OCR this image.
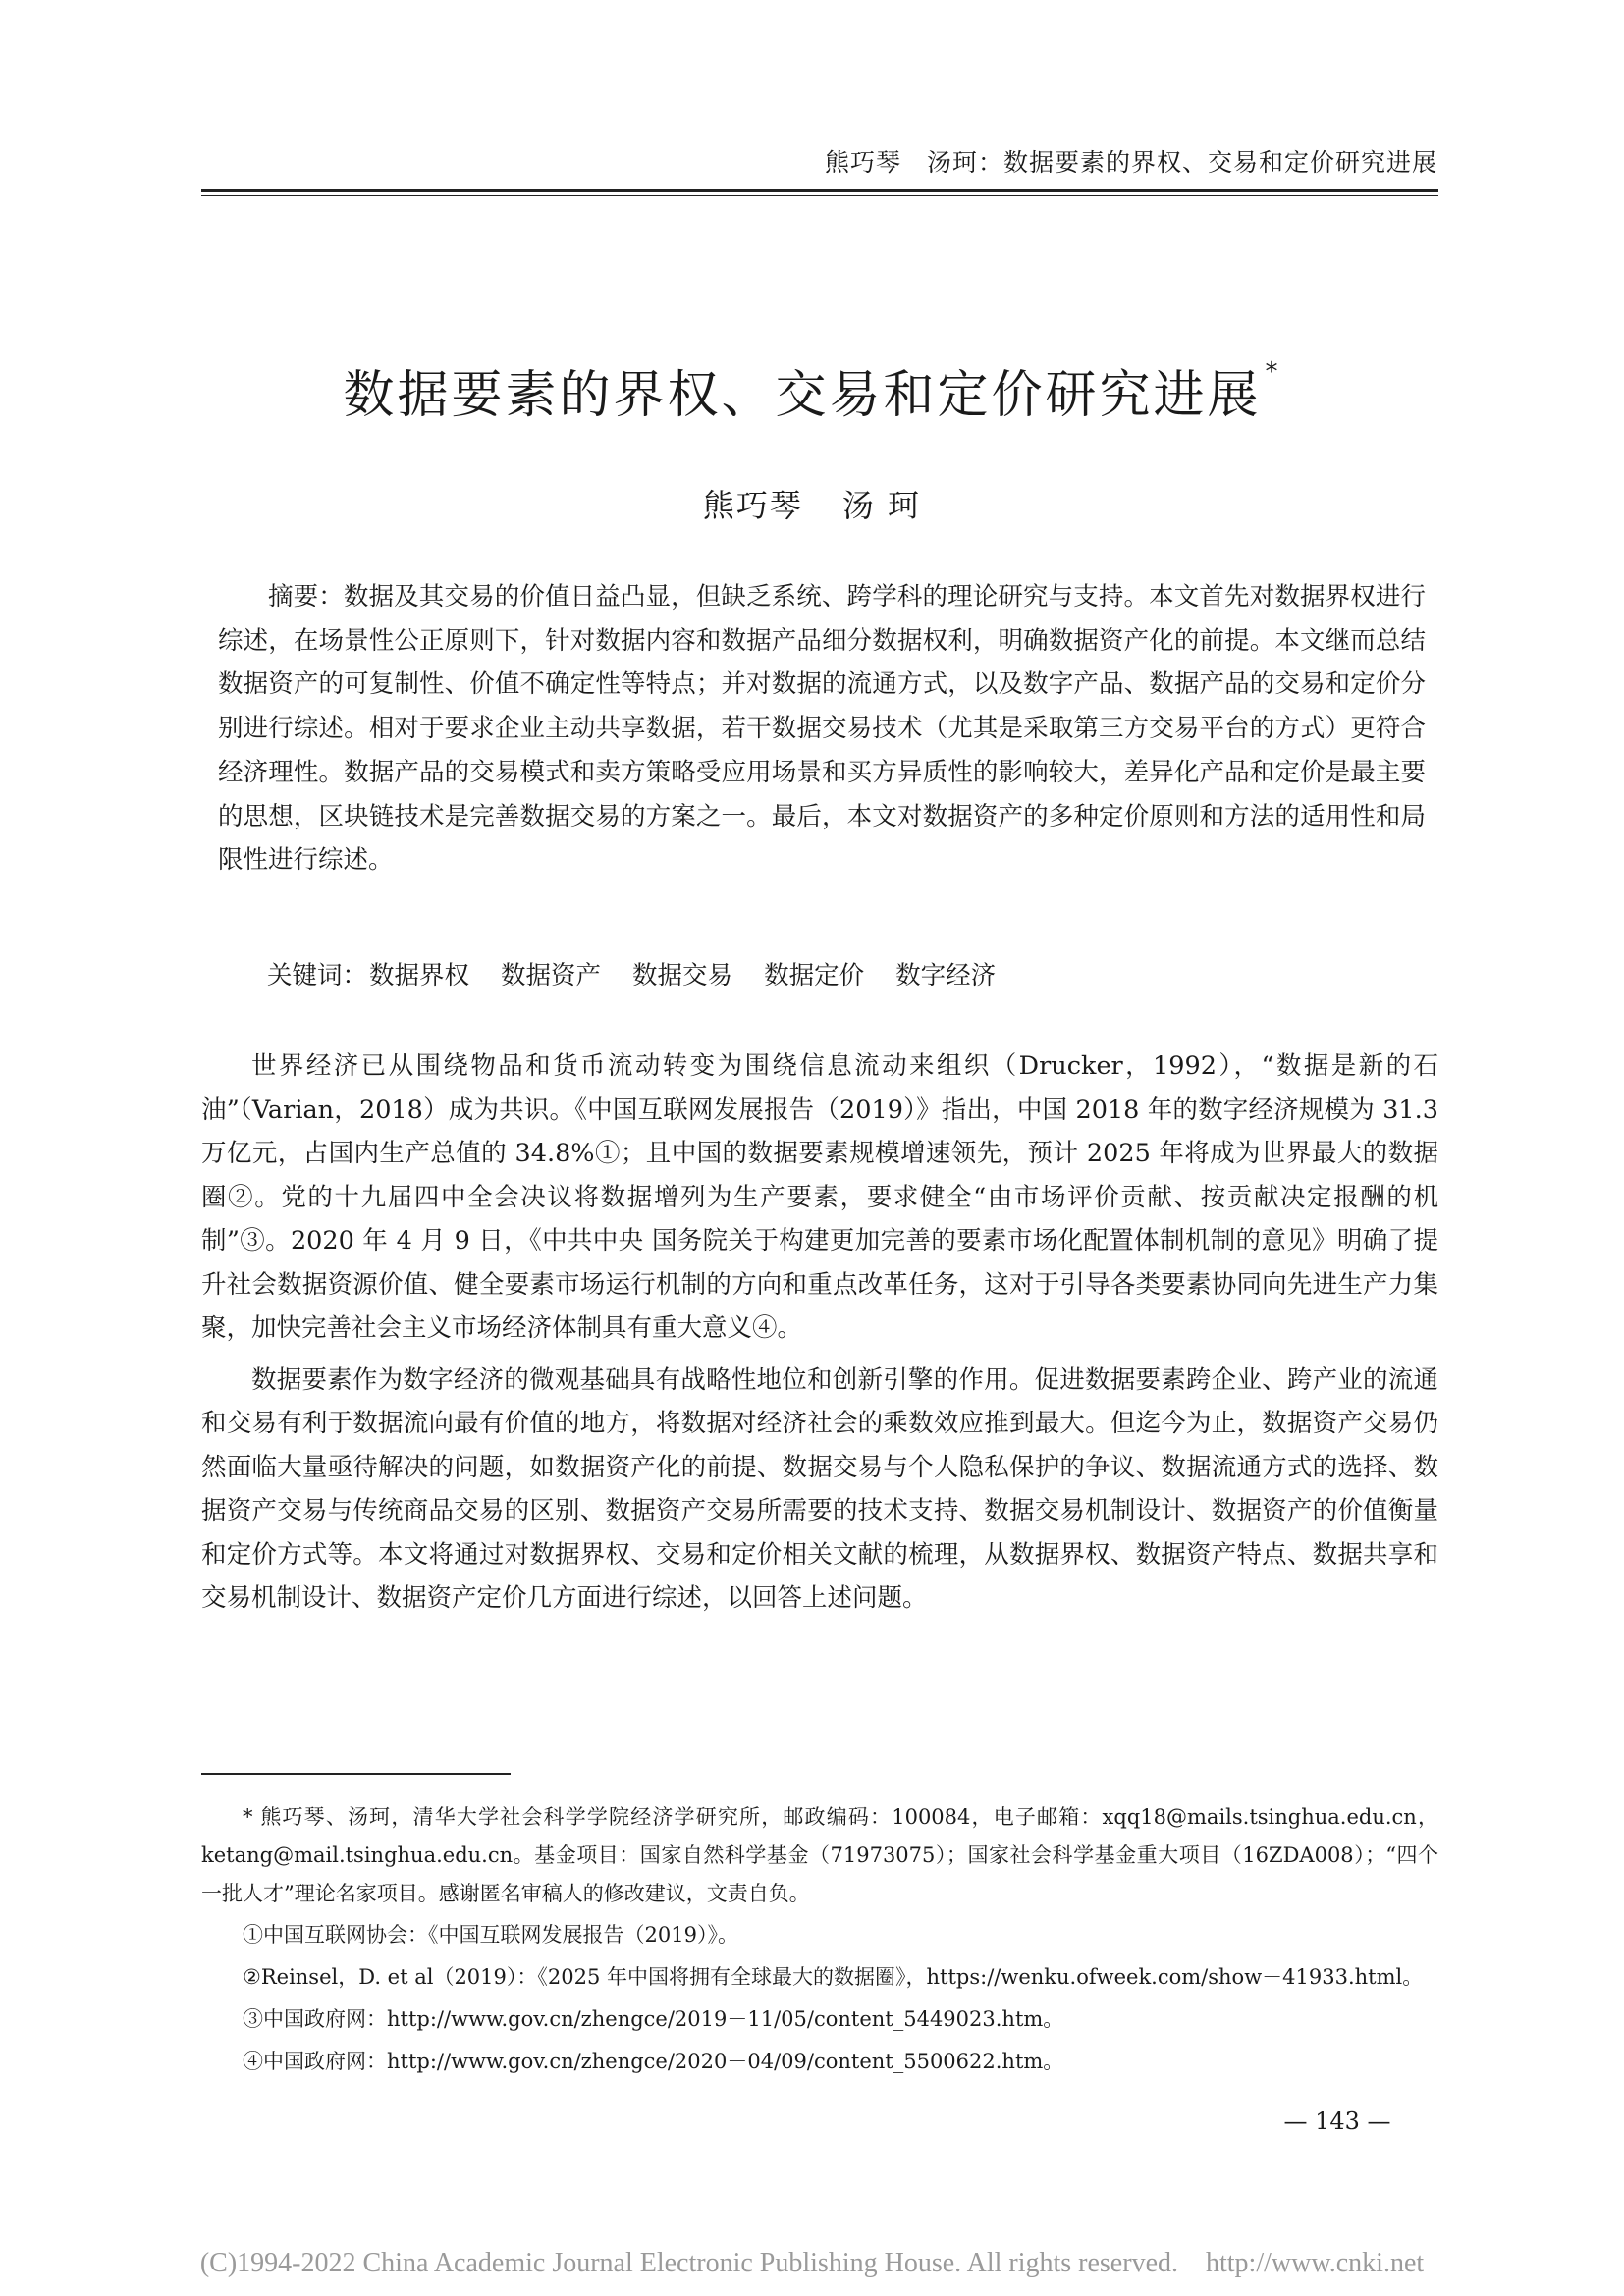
熊巧琴　汤珂：数据要素的界权、交易和定价研究进展
数据要素的界权、交易和定价研究进展 *
熊巧琴 汤 珂

摘要：数据及其交易的价值日益凸显，但缺乏系统、跨学科的理论研究与支持。本文首先对数据界权进行综述，在场景性公正原则下，针对数据内容和数据产品细分数据权利，明确数据资产化的前提。本文继而总结数据资产的可复制性、价值不确定性等特点；并对数据的流通方式，以及数字产品、数据产品的交易和定价分别进行综述。相对于要求企业主动共享数据，若干数据交易技术（尤其是采取第三方交易平台的方式）更符合经济理性。数据产品的交易模式和卖方策略受应用场景和买方异质性的影响较大，差异化产品和定价是最主要的思想，区块链技术是完善数据交易的方案之一。最后，本文对数据资产的多种定价原则和方法的适用性和局限性进行综述。

关键词：数据界权 数据资产 数据交易 数据定价 数字经济

世界经济已从围绕物品和货币流动转变为围绕信息流动来组织（Drucker，1992），“数据是新的石油”（Varian，2018）成为共识。《中国互联网发展报告（2019）》指出，中国 2018 年的数字经济规模为 31.3 万亿元，占国内生产总值的 34.8%①；且中国的数据要素规模增速领先，预计 2025 年将成为世界最大的数据圈②。党的十九届四中全会决议将数据增列为生产要素，要求健全“由市场评价贡献、按贡献决定报酬的机制”③。2020 年 4 月 9 日，《中共中央 国务院关于构建更加完善的要素市场化配置体制机制的意见》明确了提升社会数据资源价值、健全要素市场运行机制的方向和重点改革任务，这对于引导各类要素协同向先进生产力集聚，加快完善社会主义市场经济体制具有重大意义④。

数据要素作为数字经济的微观基础具有战略性地位和创新引擎的作用。促进数据要素跨企业、跨产业的流通和交易有利于数据流向最有价值的地方，将数据对经济社会的乘数效应推到最大。但迄今为止，数据资产交易仍然面临大量亟待解决的问题，如数据资产化的前提、数据交易与个人隐私保护的争议、数据流通方式的选择、数据资产交易与传统商品交易的区别、数据资产交易所需要的技术支持、数据交易机制设计、数据资产的价值衡量和定价方式等。本文将通过对数据界权、交易和定价相关文献的梳理，从数据界权、数据资产特点、数据共享和交易机制设计、数据资产定价几方面进行综述，以回答上述问题。

* 熊巧琴、汤珂，清华大学社会科学学院经济学研究所，邮政编码：100084，电子邮箱：xqq18@mails.tsinghua.edu.cn，ketang@mail.tsinghua.edu.cn。基金项目：国家自然科学基金（71973075）；国家社会科学基金重大项目（16ZDA008）；“四个一批人才”理论名家项目。感谢匿名审稿人的修改建议，文责自负。

①中国互联网协会：《中国互联网发展报告（2019）》。

②Reinsel，D. et al（2019）：《2025 年中国将拥有全球最大的数据圈》，https://wenku.ofweek.com/show－41933.html。

③中国政府网：http://www.gov.cn/zhengce/2019－11/05/content_5449023.htm。

④中国政府网：http://www.gov.cn/zhengce/2020－04/09/content_5500622.htm。

— 143 —
(C)1994-2022 China Academic Journal Electronic Publishing House. All rights reserved. http://www.cnki.net
